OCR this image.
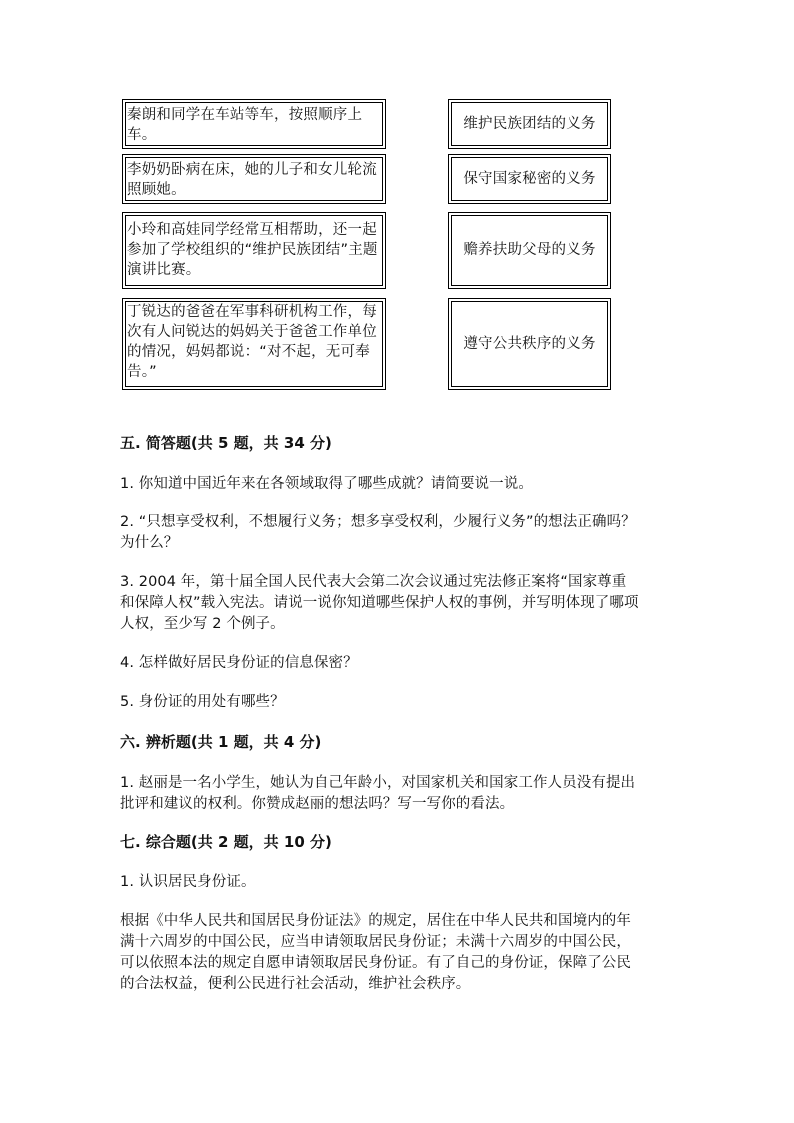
秦朗和同学在车站等车，按照顺序上车。
李奶奶卧病在床，她的儿子和女儿轮流照顾她。
小玲和高娃同学经常互相帮助，还一起参加了学校组织的“维护民族团结”主题演讲比赛。
丁锐达的爸爸在军事科研机构工作，每次有人问锐达的妈妈关于爸爸工作单位的情况，妈妈都说：“对不起，无可奉告。”
维护民族团结的义务
保守国家秘密的义务
赡养扶助父母的义务
遵守公共秩序的义务
五. 简答题(共 5 题，共 34 分)
1. 你知道中国近年来在各领域取得了哪些成就？请简要说一说。
2. “只想享受权利，不想履行义务；想多享受权利，少履行义务”的想法正确吗？为什么？
3. 2004 年，第十届全国人民代表大会第二次会议通过宪法修正案将“国家尊重和保障人权”载入宪法。请说一说你知道哪些保护人权的事例，并写明体现了哪项人权，至少写 2 个例子。
4. 怎样做好居民身份证的信息保密？
5. 身份证的用处有哪些？
六. 辨析题(共 1 题，共 4 分)
1. 赵丽是一名小学生，她认为自己年龄小，对国家机关和国家工作人员没有提出批评和建议的权利。你赞成赵丽的想法吗？写一写你的看法。
七. 综合题(共 2 题，共 10 分)
1. 认识居民身份证。
根据《中华人民共和国居民身份证法》的规定，居住在中华人民共和国境内的年满十六周岁的中国公民，应当申请领取居民身份证；未满十六周岁的中国公民，可以依照本法的规定自愿申请领取居民身份证。有了自己的身份证，保障了公民的合法权益，便利公民进行社会活动，维护社会秩序。
